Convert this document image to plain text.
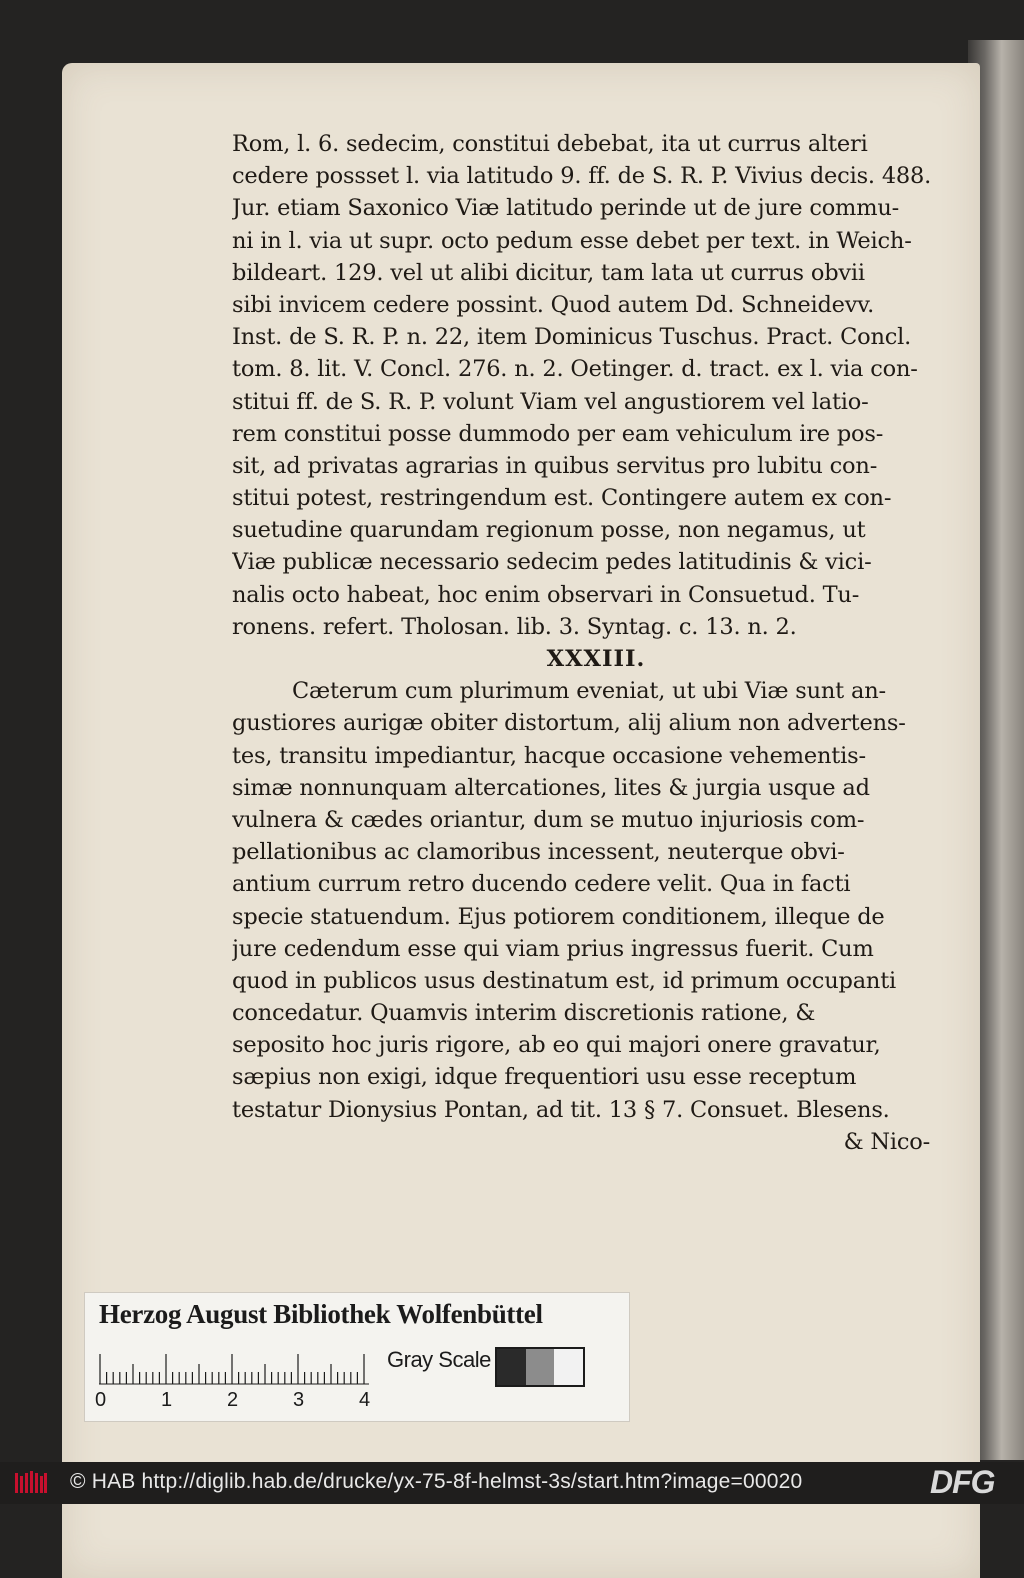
Rom, l. 6. sedecim, constitui debebat, ita ut currus alteri
cedere possset l. via latitudo 9. ff. de S. R. P. Vivius decis. 488.
Jur. etiam Saxonico Viæ latitudo perinde ut de jure commu-
ni in l. via ut supr. octo pedum esse debet per text. in Weich-
bildeart. 129. vel ut alibi dicitur, tam lata ut currus obvii
sibi invicem cedere possint. Quod autem Dd. Schneidevv.
Inst. de S. R. P. n. 22, item Dominicus Tuschus. Pract. Concl.
tom. 8. lit. V. Concl. 276. n. 2. Oetinger. d. tract. ex l. via con-
stitui ff. de S. R. P. volunt Viam vel angustiorem vel latio-
rem constitui posse dummodo per eam vehiculum ire pos-
sit, ad privatas agrarias in quibus servitus pro lubitu con-
stitui potest, restringendum est. Contingere autem ex con-
suetudine quarundam regionum posse, non negamus, ut
Viæ publicæ necessario sedecim pedes latitudinis & vici-
nalis octo habeat, hoc enim observari in Consuetud. Tu-
ronens. refert. Tholosan. lib. 3. Syntag. c. 13. n. 2.
XXXIII.
Cæterum cum plurimum eveniat, ut ubi Viæ sunt an-
gustiores aurigæ obiter distortum, alij alium non advertens-
tes, transitu impediantur, hacque occasione vehementis-
simæ nonnunquam altercationes, lites & jurgia usque ad
vulnera & cædes oriantur, dum se mutuo injuriosis com-
pellationibus ac clamoribus incessent, neuterque obvi-
antium currum retro ducendo cedere velit. Qua in facti
specie statuendum. Ejus potiorem conditionem, illeque de
jure cedendum esse qui viam prius ingressus fuerit. Cum
quod in publicos usus destinatum est, id primum occupanti
concedatur. Quamvis interim discretionis ratione, &
seposito hoc juris rigore, ab eo qui majori onere gravatur,
sæpius non exigi, idque frequentiori usu esse receptum
testatur Dionysius Pontan, ad tit. 13 § 7. Consuet. Blesens.
& Nico-
Herzog August Bibliothek Wolfenbüttel
0	1	2	3	4
Gray Scale
© HAB http://diglib.hab.de/drucke/yx-75-8f-helmst-3s/start.htm?image=00020	DFG
